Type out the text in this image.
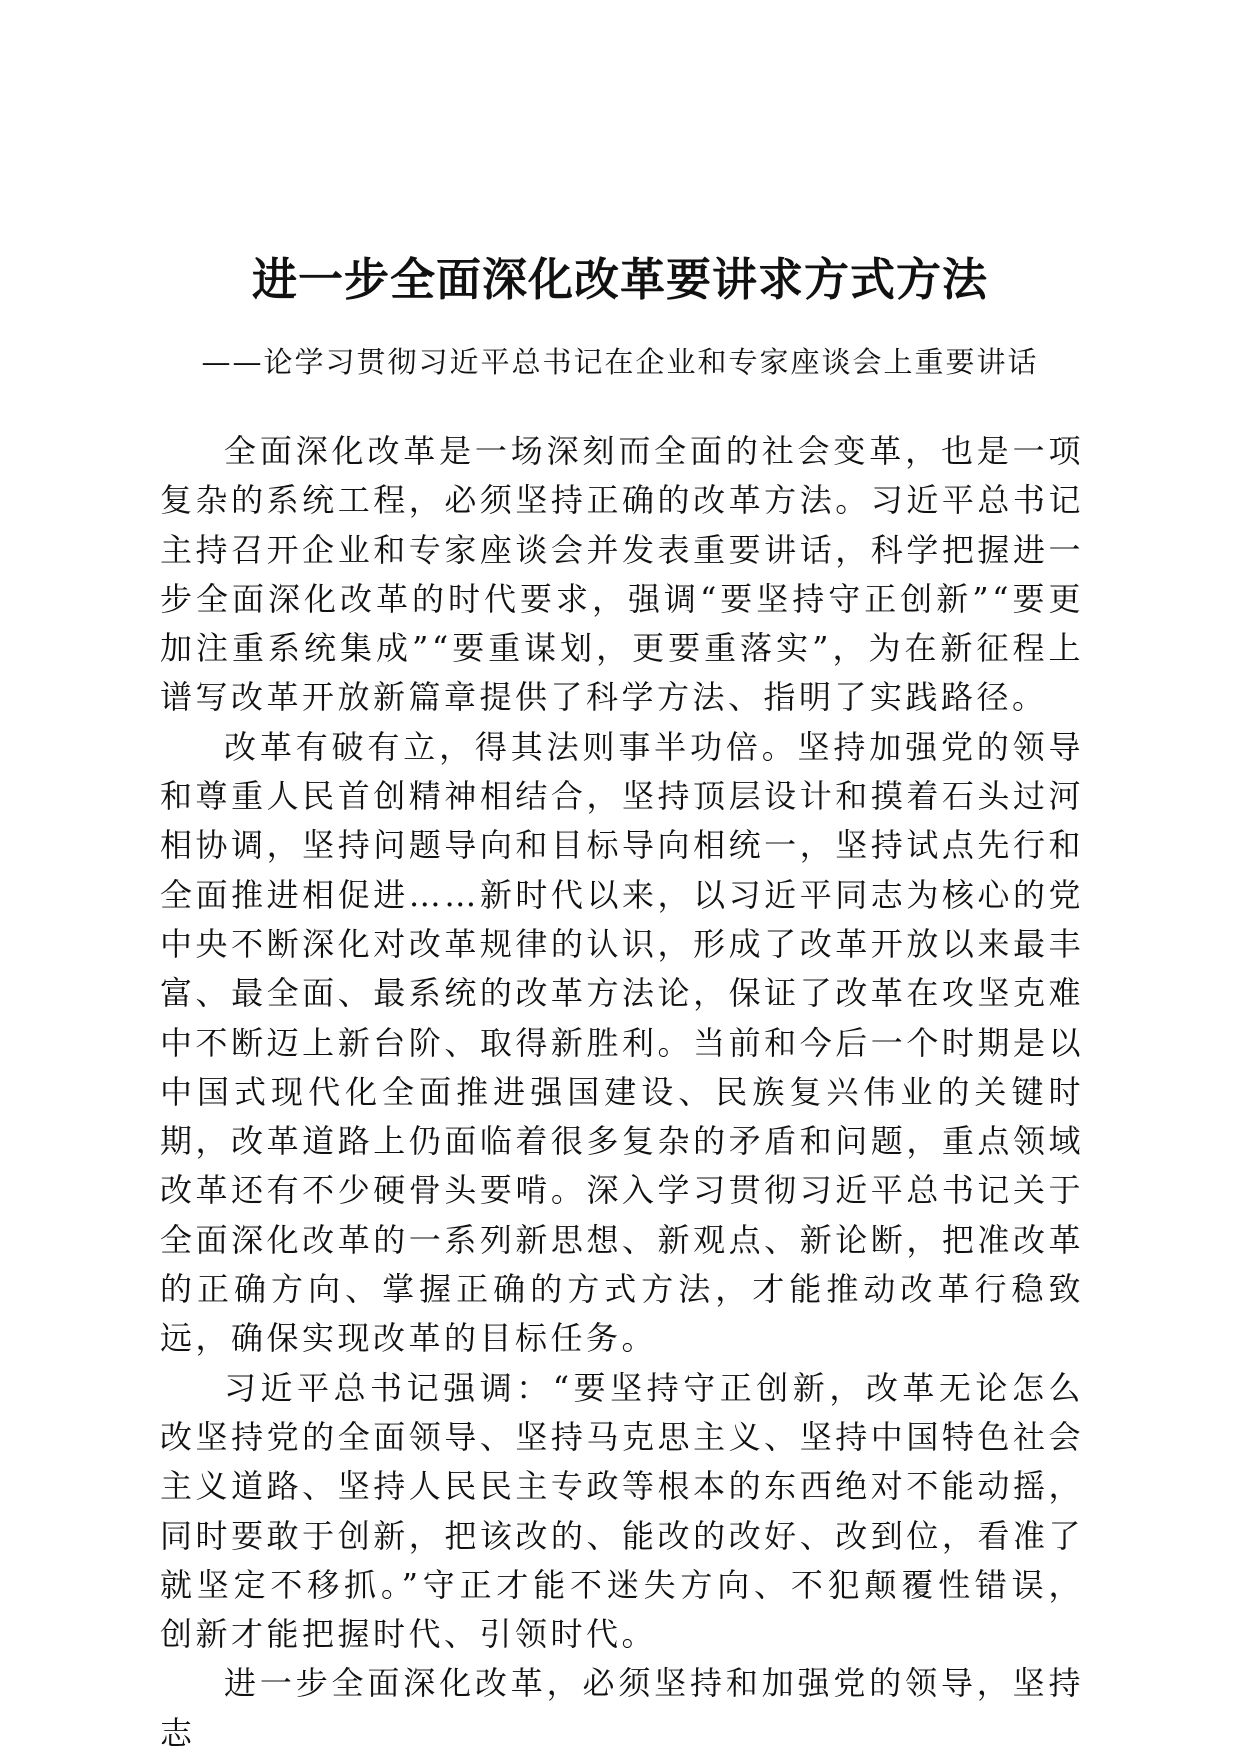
进一步全面深化改革要讲求方式方法
——论学习贯彻习近平总书记在企业和专家座谈会上重要讲话

全面深化改革是一场深刻而全面的社会变革，也是一项复杂的系统工程，必须坚持正确的改革方法。习近平总书记主持召开企业和专家座谈会并发表重要讲话，科学把握进一步全面深化改革的时代要求，强调“要坚持守正创新”“要更加注重系统集成”“要重谋划，更要重落实”，为在新征程上谱写改革开放新篇章提供了科学方法、指明了实践路径。

改革有破有立，得其法则事半功倍。坚持加强党的领导和尊重人民首创精神相结合，坚持顶层设计和摸着石头过河相协调，坚持问题导向和目标导向相统一，坚持试点先行和全面推进相促进……新时代以来，以习近平同志为核心的党中央不断深化对改革规律的认识，形成了改革开放以来最丰富、最全面、最系统的改革方法论，保证了改革在攻坚克难中不断迈上新台阶、取得新胜利。当前和今后一个时期是以中国式现代化全面推进强国建设、民族复兴伟业的关键时期，改革道路上仍面临着很多复杂的矛盾和问题，重点领域改革还有不少硬骨头要啃。深入学习贯彻习近平总书记关于全面深化改革的一系列新思想、新观点、新论断，把准改革的正确方向、掌握正确的方式方法，才能推动改革行稳致远，确保实现改革的目标任务。

习近平总书记强调：“要坚持守正创新，改革无论怎么改坚持党的全面领导、坚持马克思主义、坚持中国特色社会主义道路、坚持人民民主专政等根本的东西绝对不能动摇，同时要敢于创新，把该改的、能改的改好、改到位，看准了就坚定不移抓。”守正才能不迷失方向、不犯颠覆性错误，创新才能把握时代、引领时代。

进一步全面深化改革，必须坚持和加强党的领导，坚持志
